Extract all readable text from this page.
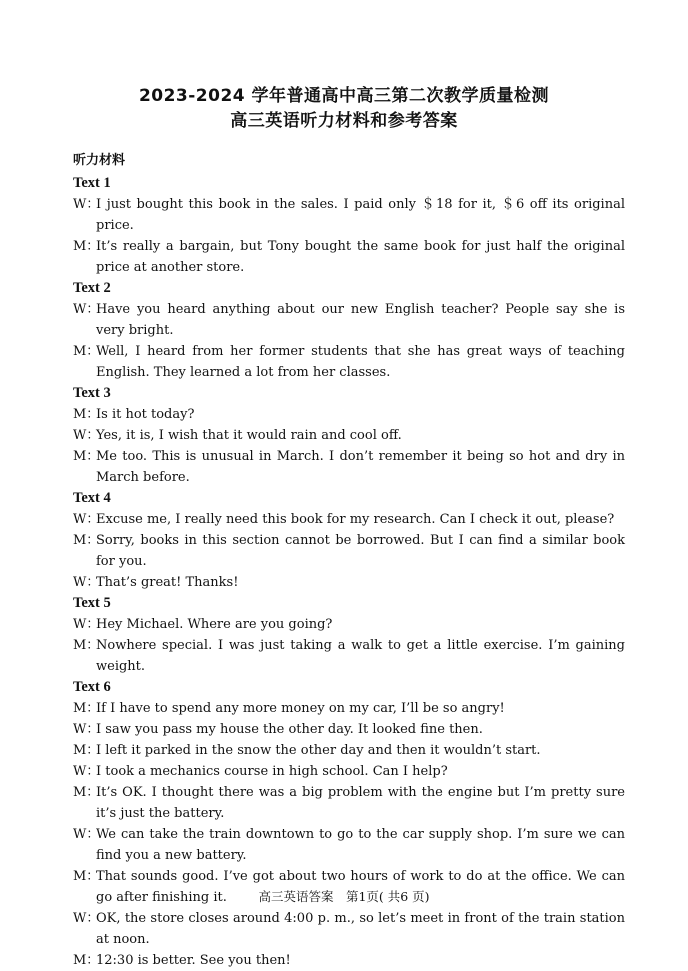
2023-2024 学年普通高中高三第二次教学质量检测
高三英语听力材料和参考答案
听力材料
Text 1
W：
I just bought this book in the sales. I paid only ＄18 for it, ＄6 off its original price.
M：
It’s really a bargain, but Tony bought the same book for just half the original price at another store.
Text 2
W：
Have you heard anything about our new English teacher? People say she is very bright.
M：
Well, I heard from her former students that she has great ways of teaching English. They learned a lot from her classes.
Text 3
M：
Is it hot today?
W：
Yes, it is, I wish that it would rain and cool off.
M：
Me too. This is unusual in March. I don’t remember it being so hot and dry in March before.
Text 4
W：
Excuse me, I really need this book for my research. Can I check it out, please?
M：
Sorry, books in this section cannot be borrowed. But I can find a similar book for you.
W：
That’s great! Thanks!
Text 5
W：
Hey Michael. Where are you going?
M：
Nowhere special. I was just taking a walk to get a little exercise. I’m gaining weight.
Text 6
M：
If I have to spend any more money on my car, I’ll be so angry!
W：
I saw you pass my house the other day. It looked fine then.
M：
I left it parked in the snow the other day and then it wouldn’t start.
W：
I took a mechanics course in high school. Can I help?
M：
It’s OK. I thought there was a big problem with the engine but I’m pretty sure it’s just the battery.
W：
We can take the train downtown to go to the car supply shop. I’m sure we can find you a new battery.
M：
That sounds good. I’ve got about two hours of work to do at the office. We can go after finishing it.
W：
OK, the store closes around 4:00 p. m., so let’s meet in front of the train station at noon.
M：
12:30 is better. See you then!
高三英语答案　第1页( 共6 页)
